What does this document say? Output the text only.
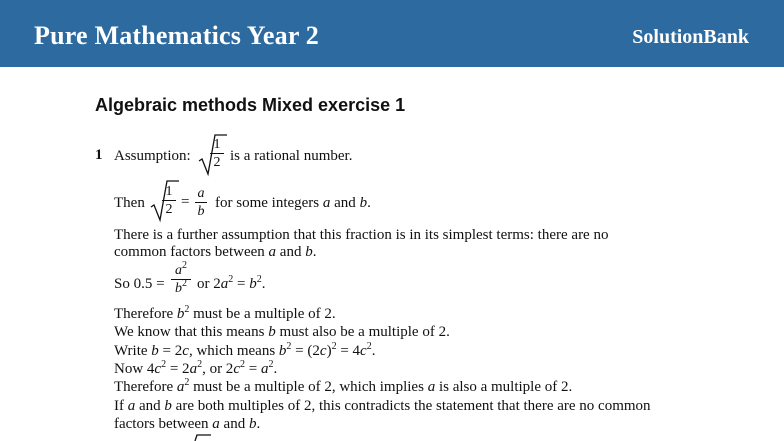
Pure Mathematics Year 2	SolutionBank
Algebraic methods Mixed exercise 1
1 Assumption:
1
2 is a rational number.
Then
1
2 =
a
b
for some integers a and b.
There is a further assumption that this fraction is in its simplest terms: there are no
common factors between a and b.
So 0.5 =
$a^2$
$b^2$ or $2a^2 = b^2$.
Therefore $b^2$ must be a multiple of 2.
We know that this means b must also be a multiple of 2.
Write b = 2c, which means $b^2 = (2c)^2 = 4c^2$.
Now $4c^2 = 2a^2$, or $2c^2 = a^2$.
Therefore $a^2$ must be a multiple of 2, which implies a is also a multiple of 2.
If a and b are both multiples of 2, this contradicts the statement that there are no common
factors between a and b.
